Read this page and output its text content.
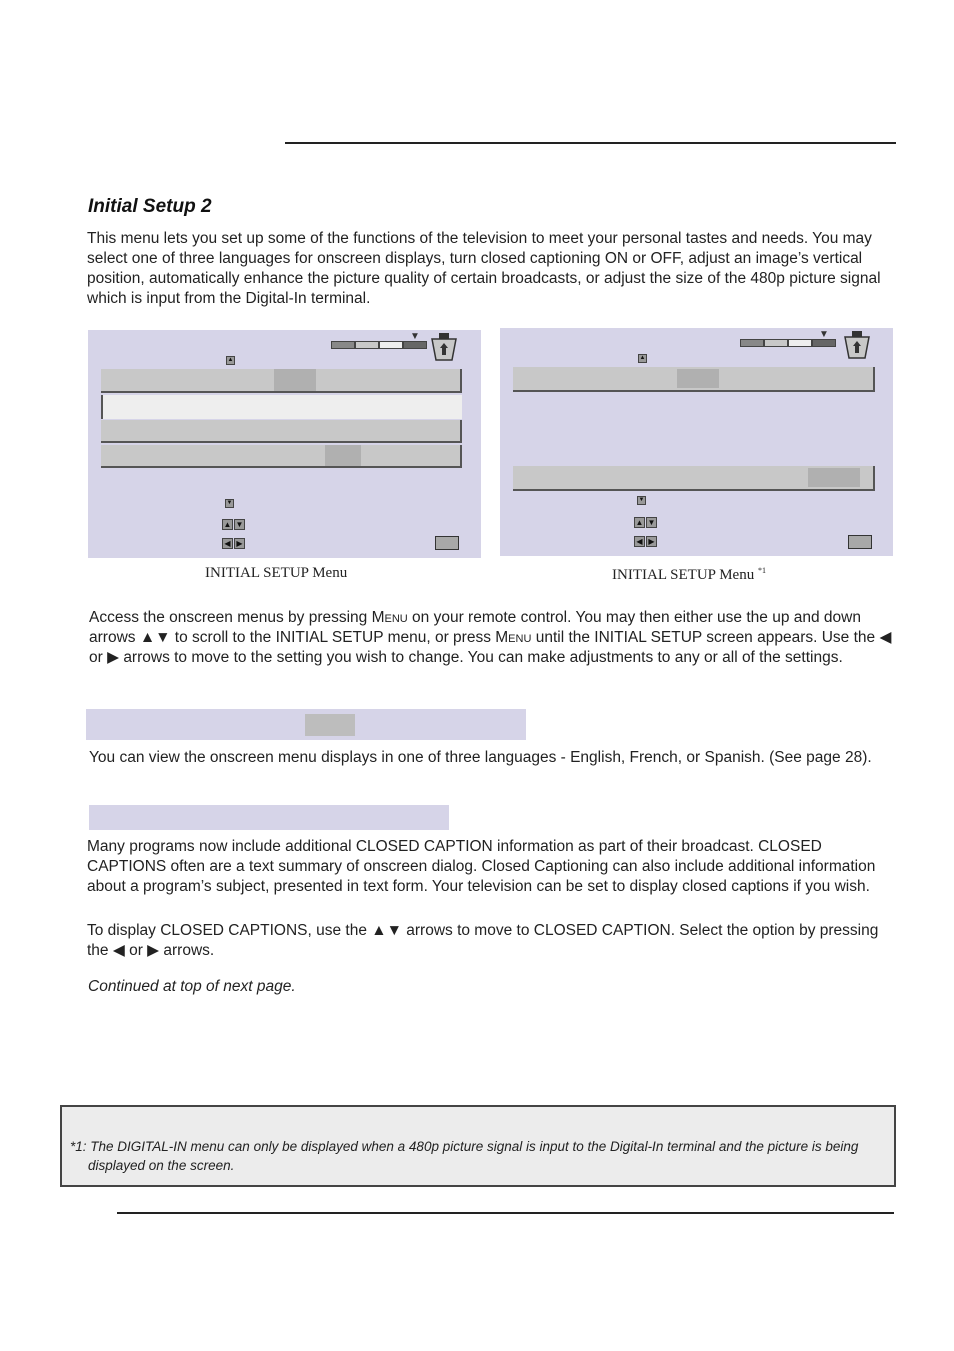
Initial Setup 2
This menu lets you set up some of the functions of the television to meet your personal tastes and needs. You may select one of three languages for onscreen displays, turn closed captioning ON or OFF, adjust an image’s vertical position, automatically enhance the picture quality of certain broadcasts, or adjust the size of the 480p picture signal which is input from the Digital-In terminal.
▼
▲
▼
▲ ▼
◀ ▶
INITIAL SETUP Menu
▼
▲
▼
▲ ▼
◀ ▶
INITIAL SETUP Menu $^{*1}$
Access the onscreen menus by pressing Menu on your remote control. You may then either use the up and down arrows ▲▼ to scroll to the INITIAL SETUP menu, or press Menu until the INITIAL SETUP screen appears. Use the ◀ or ▶ arrows to move to the setting you wish to change. You can make adjustments to any or all of the settings.
You can view the onscreen menu displays in one of three languages - English, French, or Spanish. (See page 28).
Many programs now include additional CLOSED CAPTION information as part of their broadcast. CLOSED CAPTIONS often are a text summary of onscreen dialog. Closed Captioning can also include additional information about a program’s subject, presented in text form. Your television can be set to display closed captions if you wish.
To display CLOSED CAPTIONS, use the ▲▼ arrows to move to CLOSED CAPTION. Select the option by pressing the ◀ or ▶ arrows.
Continued at top of next page.
*1: The DIGITAL-IN menu can only be displayed when a 480p picture signal is input to the Digital-In terminal and the picture is being displayed on the screen.
